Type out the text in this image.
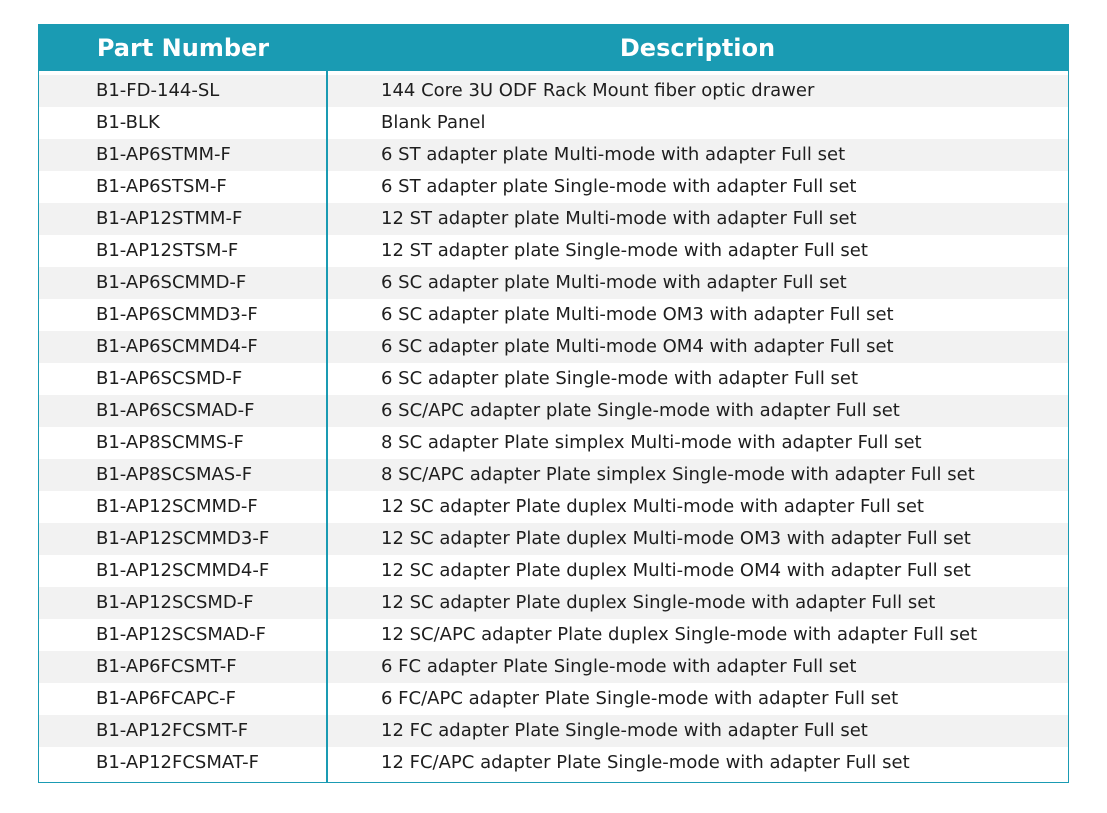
Part Number	Description
B1-FD-144-SL	144 Core 3U ODF Rack Mount fiber optic drawer
B1-BLK	Blank Panel
B1-AP6STMM-F	6 ST adapter plate Multi-mode with adapter Full set
B1-AP6STSM-F	6 ST adapter plate Single-mode with adapter Full set
B1-AP12STMM-F	12 ST adapter plate Multi-mode with adapter Full set
B1-AP12STSM-F	12 ST adapter plate Single-mode with adapter Full set
B1-AP6SCMMD-F	6 SC adapter plate Multi-mode with adapter Full set
B1-AP6SCMMD3-F	6 SC adapter plate Multi-mode OM3 with adapter Full set
B1-AP6SCMMD4-F	6 SC adapter plate Multi-mode OM4 with adapter Full set
B1-AP6SCSMD-F	6 SC adapter plate Single-mode with adapter Full set
B1-AP6SCSMAD-F	6 SC/APC adapter plate Single-mode with adapter Full set
B1-AP8SCMMS-F	8 SC adapter Plate simplex Multi-mode with adapter Full set
B1-AP8SCSMAS-F	8 SC/APC adapter Plate simplex Single-mode with adapter Full set
B1-AP12SCMMD-F	12 SC adapter Plate duplex Multi-mode with adapter Full set
B1-AP12SCMMD3-F	12 SC adapter Plate duplex Multi-mode OM3 with adapter Full set
B1-AP12SCMMD4-F	12 SC adapter Plate duplex Multi-mode OM4 with adapter Full set
B1-AP12SCSMD-F	12 SC adapter Plate duplex Single-mode with adapter Full set
B1-AP12SCSMAD-F	12 SC/APC adapter Plate duplex Single-mode with adapter Full set
B1-AP6FCSMT-F	6 FC adapter Plate Single-mode with adapter Full set
B1-AP6FCAPC-F	6 FC/APC adapter Plate Single-mode with adapter Full set
B1-AP12FCSMT-F	12 FC adapter Plate Single-mode with adapter Full set
B1-AP12FCSMAT-F	12 FC/APC adapter Plate Single-mode with adapter Full set
